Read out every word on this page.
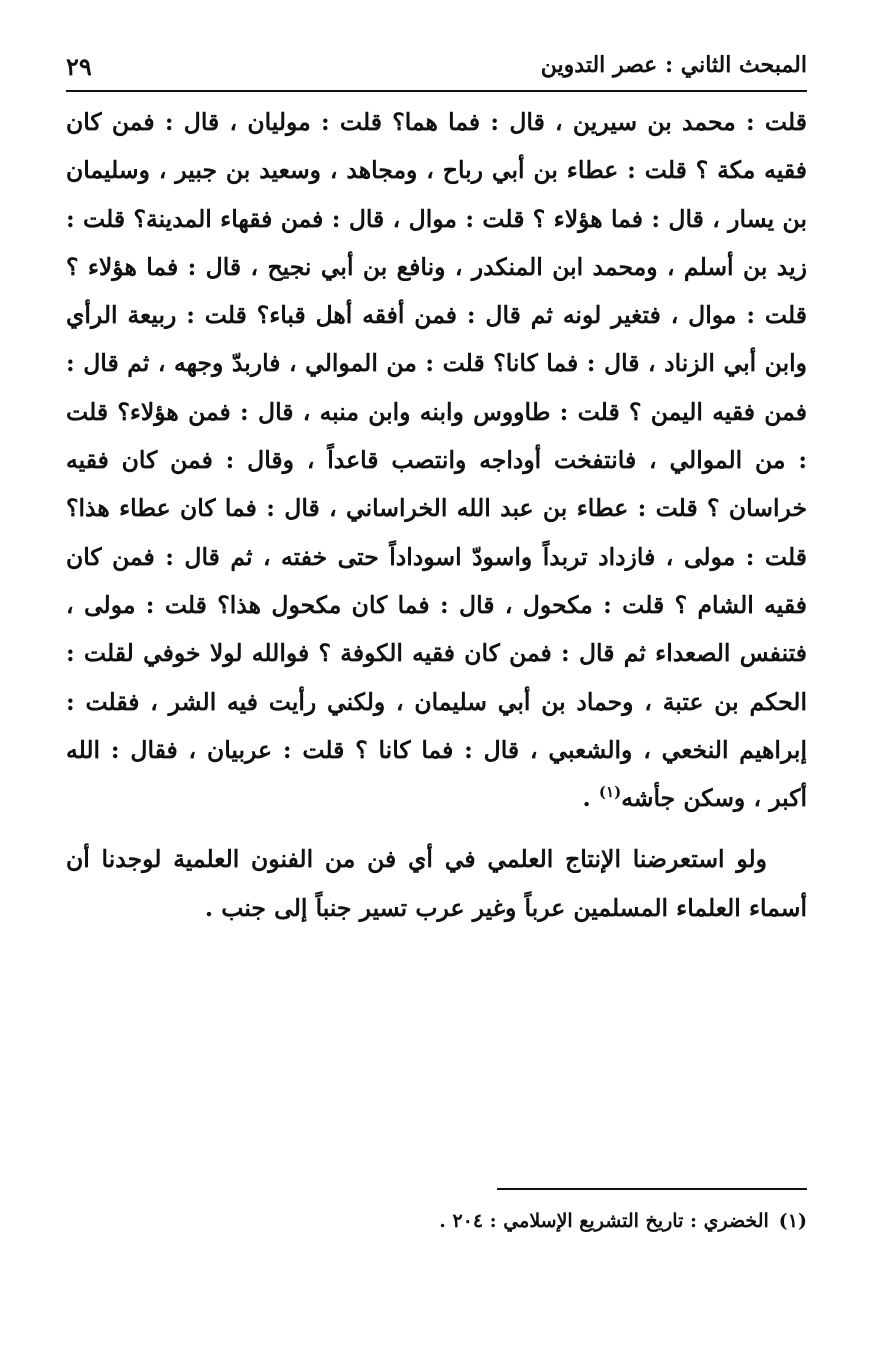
المبحث الثاني : عصر التدوين
٢٩

قلت : محمد بن سيرين ، قال : فما هما؟ قلت : موليان ، قال : فمن كان فقيه مكة ؟ قلت : عطاء بن أبي رباح ، ومجاهد ، وسعيد بن جبير ، وسليمان بن يسار ، قال : فما هؤلاء ؟ قلت : موال ، قال : فمن فقهاء المدينة؟ قلت : زيد بن أسلم ، ومحمد ابن المنكدر ، ونافع بن أبي نجيح ، قال : فما هؤلاء ؟ قلت : موال ، فتغير لونه ثم قال : فمن أفقه أهل قباء؟ قلت : ربيعة الرأي وابن أبي الزناد ، قال : فما كانا؟ قلت : من الموالي ، فاربدّ وجهه ، ثم قال : فمن فقيه اليمن ؟ قلت : طاووس وابنه وابن منبه ، قال : فمن هؤلاء؟ قلت : من الموالي ، فانتفخت أوداجه وانتصب قاعداً ، وقال : فمن كان فقيه خراسان ؟ قلت : عطاء بن عبد الله الخراساني ، قال : فما كان عطاء هذا؟ قلت : مولى ، فازداد تربداً واسودّ اسوداداً حتى خفته ، ثم قال : فمن كان فقيه الشام ؟ قلت : مكحول ، قال : فما كان مكحول هذا؟ قلت : مولى ، فتنفس الصعداء ثم قال : فمن كان فقيه الكوفة ؟ فوالله لولا خوفي لقلت : الحكم بن عتبة ، وحماد بن أبي سليمان ، ولكني رأيت فيه الشر ، فقلت : إبراهيم النخعي ، والشعبي ، قال : فما كانا ؟ قلت : عربيان ، فقال : الله أكبر ، وسكن جأشه$^{(١)}$ .

ولو استعرضنا الإنتاج العلمي في أي فن من الفنون العلمية لوجدنا أن أسماء العلماء المسلمين عرباً وغير عرب تسير جنباً إلى جنب .

(١)الخضري : تاريخ التشريع الإسلامي : ٢٠٤ .
